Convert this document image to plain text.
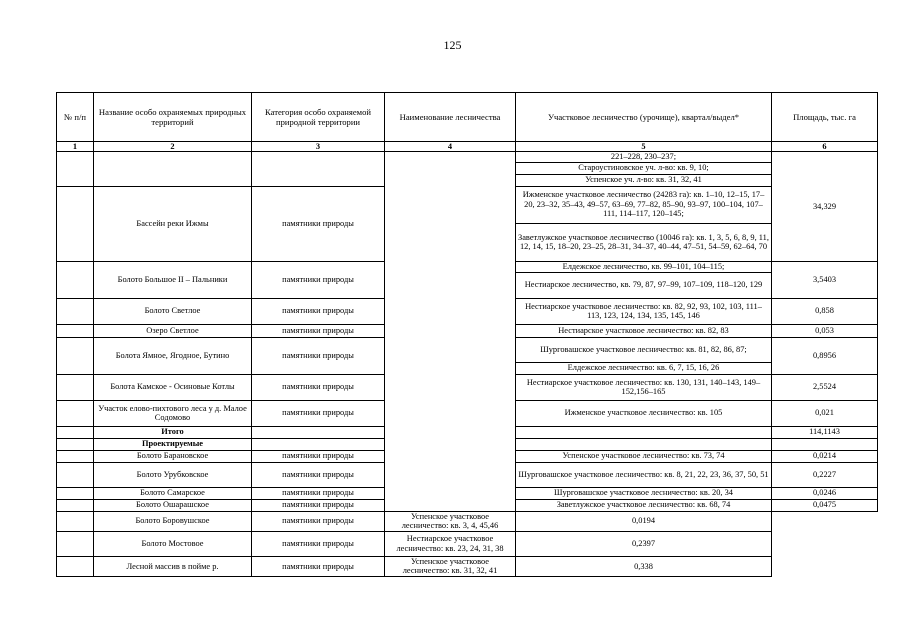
125
№ п/п	Название особо охраняемых природных территорий	Категория особо охраняемой природной территории	Наименование лесничества	Участковое лесничество (урочище), квартал/выдел*	Площадь, тыс. га
1	2	3	4	5	6
				221–228, 230–237;	34,329
				Староустиновское уч. л-во: кв. 9, 10;	
				Успенское уч. л-во: кв. 31, 32, 41	
	Бассейн реки Ижмы	памятники природы		Ижменское участковое лесничество (24283 га): кв. 1–10, 12–15, 17–20, 23–32, 35–43, 49–57, 63–69, 77–82, 85–90, 93–97, 100–104, 107–111, 114–117, 120–145;	
				Заветлужское участковое лесничество (10046 га): кв. 1, 3, 5, 6, 8, 9, 11, 12, 14, 15, 18–20, 23–25, 28–31, 34–37, 40–44, 47–51, 54–59, 62–64, 70	
	Болото Большое II – Пальники	памятники природы		Елдежское лесничество, кв. 99–101, 104–115;	3,5403
				Нестиарское лесничество, кв. 79, 87, 97–99, 107–109, 118–120, 129	
	Болото Светлое	памятники природы		Нестиарское участковое лесничество: кв. 82, 92, 93, 102, 103, 111–113, 123, 124, 134, 135, 145, 146	0,858
	Озеро Светлое	памятники природы		Нестиарское участковое лесничество: кв. 82, 83	0,053
	Болота Ямное, Ягодное, Бутино	памятники природы		Шурговашское участковое лесничество: кв. 81, 82, 86, 87;	0,8956
				Елдежское лесничество: кв. 6, 7, 15, 16, 26	
	Болота Камское - Осиновые Котлы	памятники природы		Нестиарское участковое лесничество: кв. 130, 131, 140–143, 149–152,156–165	2,5524
	Участок елово-пихтового леса у д. Малое Содомово	памятники природы		Ижменское участковое лесничество: кв. 105	0,021
	Итого				114,1143
	Проектируемые				
	Болото Барановское	памятники природы		Успенское участковое лесничество: кв. 73, 74	0,0214
	Болото Урубковское	памятники природы		Шурговашское участковое лесничество: кв. 8, 21, 22, 23, 36, 37, 50, 51	0,2227
	Болото Самарское	памятники природы		Шурговашское участковое лесничество: кв. 20, 34	0,0246
	Болото Ошарашское	памятники природы		Заветлужское участковое лесничество: кв. 68, 74	0,0475
	Болото Боровушское	памятники природы	Успенское участковое лесничество: кв. 3, 4, 45,46	0,0194	
	Болото Мостовое	памятники природы	Нестиарское участковое лесничество: кв. 23, 24, 31, 38	0,2397	
	Лесной массив в пойме р.	памятники природы	Успенское участковое лесничество: кв. 31, 32, 41	0,338	
